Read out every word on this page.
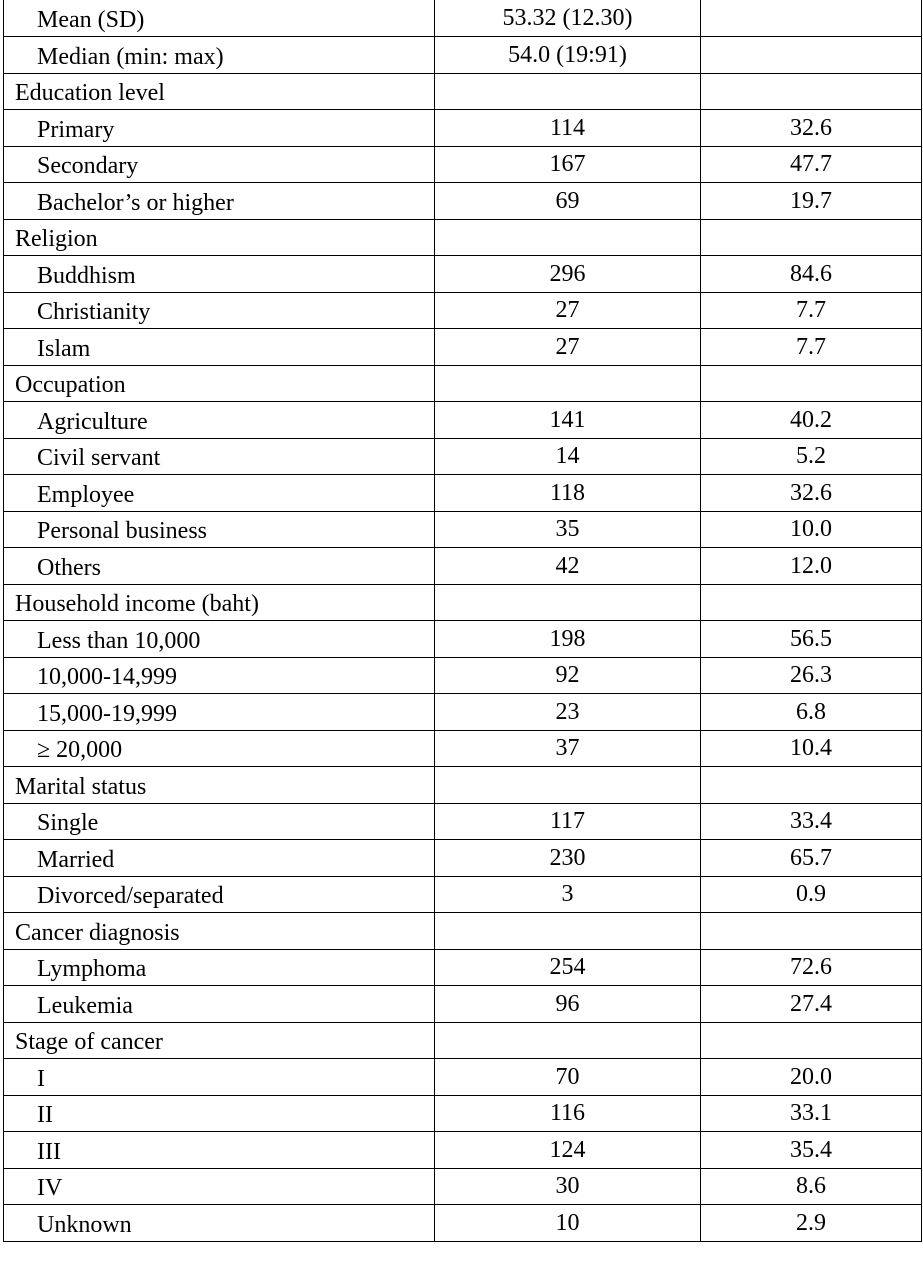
Mean (SD)	53.32 (12.30)	
Median (min: max)	54.0 (19:91)	
Education level		
Primary	114	32.6
Secondary	167	47.7
Bachelor’s or higher	69	19.7
Religion		
Buddhism	296	84.6
Christianity	27	7.7
Islam	27	7.7
Occupation		
Agriculture	141	40.2
Civil servant	14	5.2
Employee	118	32.6
Personal business	35	10.0
Others	42	12.0
Household income (baht)		
Less than 10,000	198	56.5
10,000-14,999	92	26.3
15,000-19,999	23	6.8
≥ 20,000	37	10.4
Marital status		
Single	117	33.4
Married	230	65.7
Divorced/separated	3	0.9
Cancer diagnosis		
Lymphoma	254	72.6
Leukemia	96	27.4
Stage of cancer		
I	70	20.0
II	116	33.1
III	124	35.4
IV	30	8.6
Unknown	10	2.9
